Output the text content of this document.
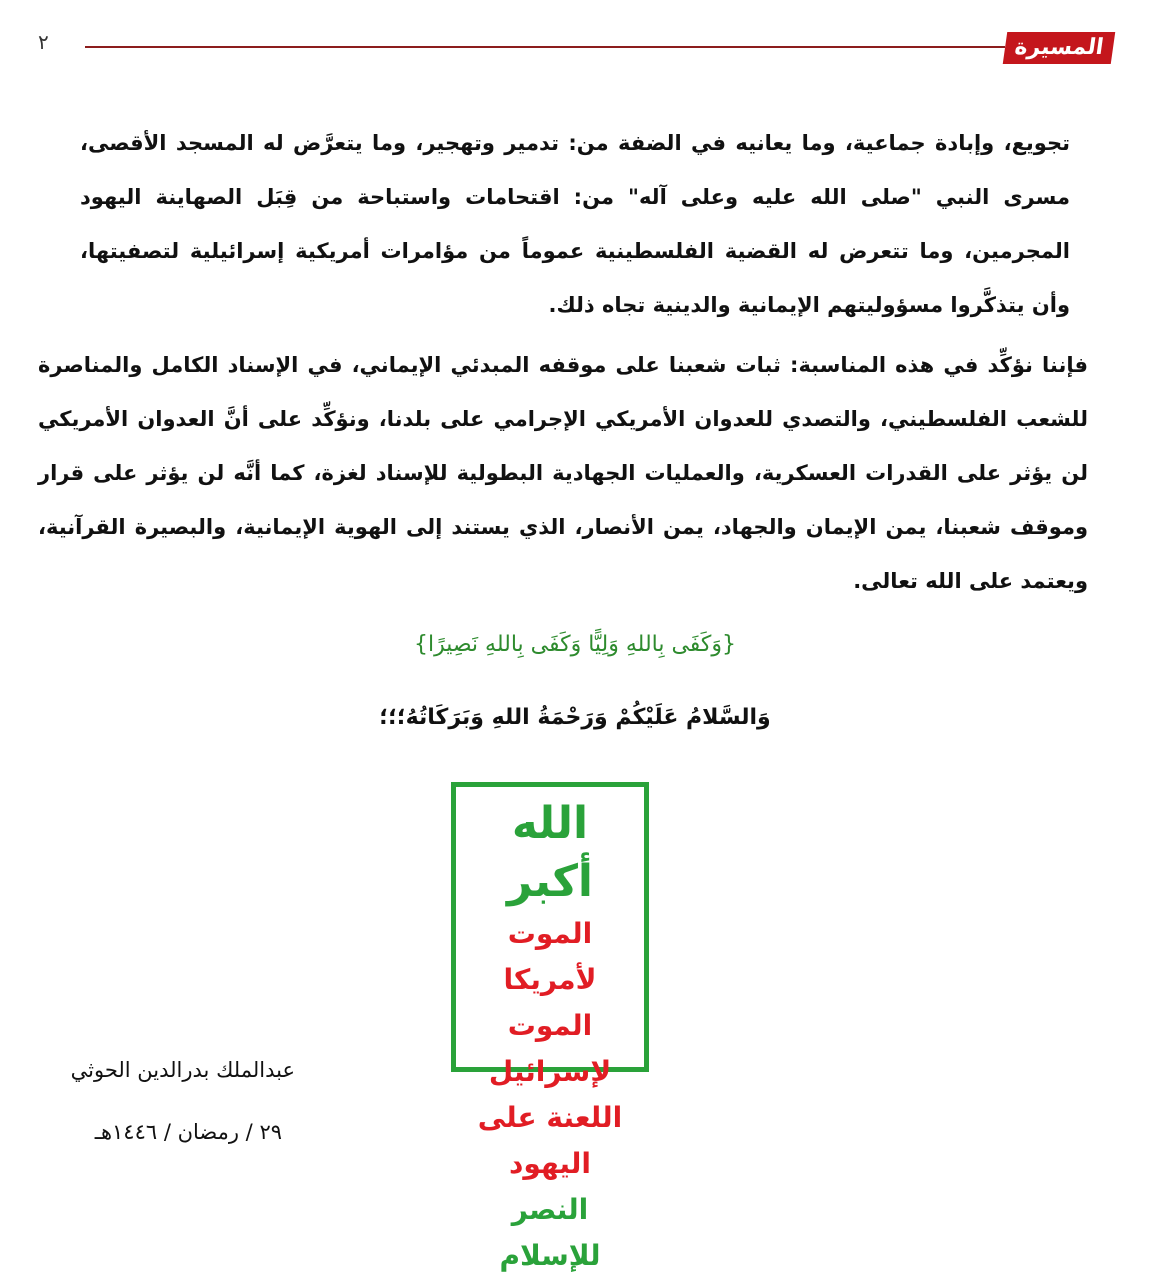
٢	المسيرة
تجويع، وإبادة جماعية، وما يعانيه في الضفة من: تدمير وتهجير، وما يتعرَّض له المسجد الأقصى، مسرى النبي "صلى الله عليه وعلى آله" من: اقتحامات واستباحة من قِبَل الصهاينة اليهود المجرمين، وما تتعرض له القضية الفلسطينية عموماً من مؤامرات أمريكية إسرائيلية لتصفيتها، وأن يتذكَّروا مسؤوليتهم الإيمانية والدينية تجاه ذلك.
فإننا نؤكِّد في هذه المناسبة: ثبات شعبنا على موقفه المبدئي الإيماني، في الإسناد الكامل والمناصرة للشعب الفلسطيني، والتصدي للعدوان الأمريكي الإجرامي على بلدنا، ونؤكِّد على أنَّ العدوان الأمريكي لن يؤثر على القدرات العسكرية، والعمليات الجهادية البطولية للإسناد لغزة، كما أنَّه لن يؤثر على قرار وموقف شعبنا، يمن الإيمان والجهاد، يمن الأنصار، الذي يستند إلى الهوية الإيمانية، والبصيرة القرآنية، ويعتمد على الله تعالى.
{وَكَفَى بِاللهِ وَلِيًّا وَكَفَى بِاللهِ نَصِيرًا}
وَالسَّلامُ عَلَيْكُمْ وَرَحْمَةُ اللهِ وَبَرَكَاتُهُ؛؛؛
الله أكبر
الموت لأمريكا
الموت لإسرائيل
اللعنة على اليهود
النصر للإسلام
عبدالملك بدرالدين الحوثي
٢٩ / رمضان / ١٤٤٦هـ
